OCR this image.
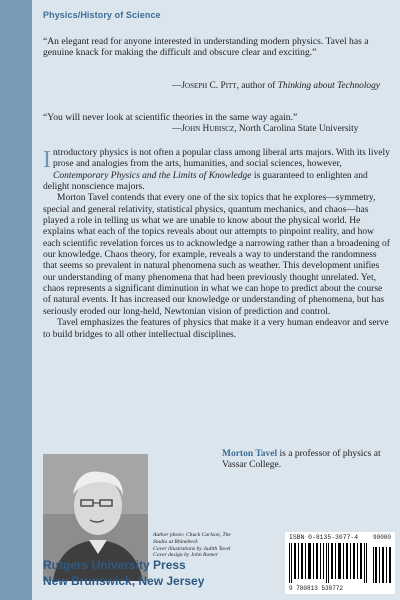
Physics/History of Science
“An elegant read for anyone interested in understanding modern physics. Tavel has a genuine knack for making the difficult and obscure clear and exciting.”
—Joseph C. Pitt, author of Thinking about Technology
“You will never look at scientific theories in the same way again.”
—John Hubiscz, North Carolina State University

Introductory physics is not often a popular class among liberal arts majors. With its lively prose and analogies from the arts, humanities, and social sciences, however, Contemporary Physics and the Limits of Knowledge is guaranteed to enlighten and delight nonscience majors.

Morton Tavel contends that every one of the six topics that he explores—symmetry, special and general relativity, statistical physics, quantum mechanics, and chaos—has played a role in telling us what we are unable to know about the physical world. He explains what each of the topics reveals about our attempts to pinpoint reality, and how each scientific revelation forces us to acknowledge a narrowing rather than a broadening of our knowledge. Chaos theory, for example, reveals a way to understand the randomness that seems so prevalent in natural phenomena such as weather. This development unifies our understanding of many phenomena that had been previously thought unrelated. Yet, chaos represents a significant diminution in what we can hope to predict about the course of natural events. It has increased our knowledge or understanding of phenomena, but has seriously eroded our long-held, Newtonian vision of prediction and control.

Tavel emphasizes the features of physics that make it a very human endeavor and serve to build bridges to all other intellectual disciplines.

Morton Tavel is a professor of physics at Vassar College.
Author photo: Chuck Carlson, The Studio at Rhinebeck
Cover illustrations by Judith Tavel
Cover design by John Romer
ISBN 0-8135-3077-4
9 780813 530772
90000
Rutgers University Press
New Brunswick, New Jersey
